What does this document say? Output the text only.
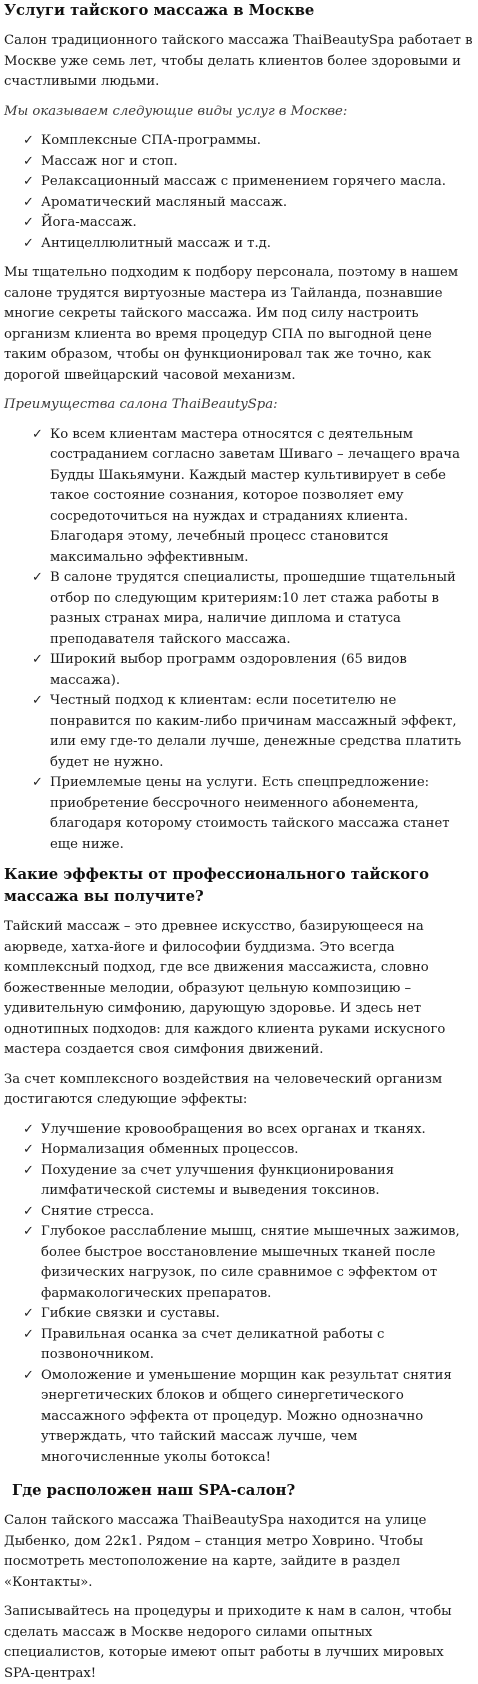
Услуги тайского массажа в Москве

Салон традиционного тайского массажа ThaiBeautySpa работает в Москве уже семь лет, чтобы делать клиентов более здоровыми и счастливыми людьми.

Мы оказываем следующие виды услуг в Москве:

✓ Комплексные СПА-программы.
✓ Массаж ног и стоп.
✓ Релаксационный массаж с применением горячего масла.
✓ Ароматический масляный массаж.
✓ Йога-массаж.
✓ Антицеллюлитный массаж и т.д.

Мы тщательно подходим к подбору персонала, поэтому в нашем салоне трудятся виртуозные мастера из Тайланда, познавшие многие секреты тайского массажа. Им под силу настроить организм клиента во время процедур СПА по выгодной цене таким образом, чтобы он функционировал так же точно, как дорогой швейцарский часовой механизм.

Преимущества салона ThaiBeautySpa:

✓ Ко всем клиентам мастера относятся с деятельным состраданием согласно заветам Шиваго – лечащего врача Будды Шакьямуни. Каждый мастер культивирует в себе такое состояние сознания, которое позволяет ему сосредоточиться на нуждах и страданиях клиента. Благодаря этому, лечебный процесс становится максимально эффективным.
✓ В салоне трудятся специалисты, прошедшие тщательный отбор по следующим критериям:10 лет стажа работы в разных странах мира, наличие диплома и статуса преподавателя тайского массажа.
✓ Широкий выбор программ оздоровления (65 видов массажа).
✓ Честный подход к клиентам: если посетителю не понравится по каким-либо причинам массажный эффект, или ему где-то делали лучше, денежные средства платить будет не нужно.
✓ Приемлемые цены на услуги. Есть спецпредложение: приобретение бессрочного неименного абонемента, благодаря которому стоимость тайского массажа станет еще ниже.
Какие эффекты от профессионального тайского массажа вы получите?

Тайский массаж – это древнее искусство, базирующееся на аюрведе, хатха-йоге и философии буддизма. Это всегда комплексный подход, где все движения массажиста, словно божественные мелодии, образуют цельную композицию – удивительную симфонию, дарующую здоровье. И здесь нет однотипных подходов: для каждого клиента руками искусного мастера создается своя симфония движений.

За счет комплексного воздействия на человеческий организм достигаются следующие эффекты:

✓ Улучшение кровообращения во всех органах и тканях.
✓ Нормализация обменных процессов.
✓ Похудение за счет улучшения функционирования лимфатической системы и выведения токсинов.
✓ Снятие стресса.
✓ Глубокое расслабление мышц, снятие мышечных зажимов, более быстрое восстановление мышечных тканей после физических нагрузок, по силе сравнимое с эффектом от фармакологических препаратов.
✓ Гибкие связки и суставы.
✓ Правильная осанка за счет деликатной работы с позвоночником.
✓ Омоложение и уменьшение морщин как результат снятия энергетических блоков и общего синергетического массажного эффекта от процедур. Можно однозначно утверждать, что тайский массаж лучше, чем многочисленные уколы ботокса!
Где расположен наш SPA-салон?

Салон тайского массажа ThaiBeautySpa находится на улице Дыбенко, дом 22к1. Рядом – станция метро Ховрино. Чтобы посмотреть местоположение на карте, зайдите в раздел «Контакты».

Записывайтесь на процедуры и приходите к нам в салон, чтобы сделать массаж в Москве недорого силами опытных специалистов, которые имеют опыт работы в лучших мировых SPA-центрах!
